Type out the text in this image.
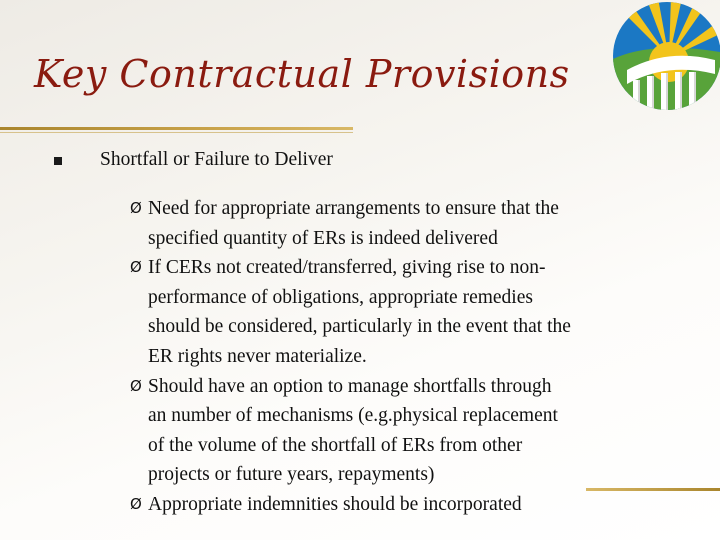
Key Contractual Provisions

Shortfall or Failure to Deliver

Ø Need for appropriate arrangements to ensure that the
specified quantity of ERs is indeed delivered
Ø If CERs not created/transferred, giving rise to non-
performance of obligations, appropriate remedies
should be considered, particularly in the event that the
ER rights never materialize.
Ø Should have an option to manage shortfalls through
an number of mechanisms (e.g.physical replacement
of the volume of the shortfall of ERs from other
projects or future years, repayments)
Ø Appropriate indemnities should be incorporated
